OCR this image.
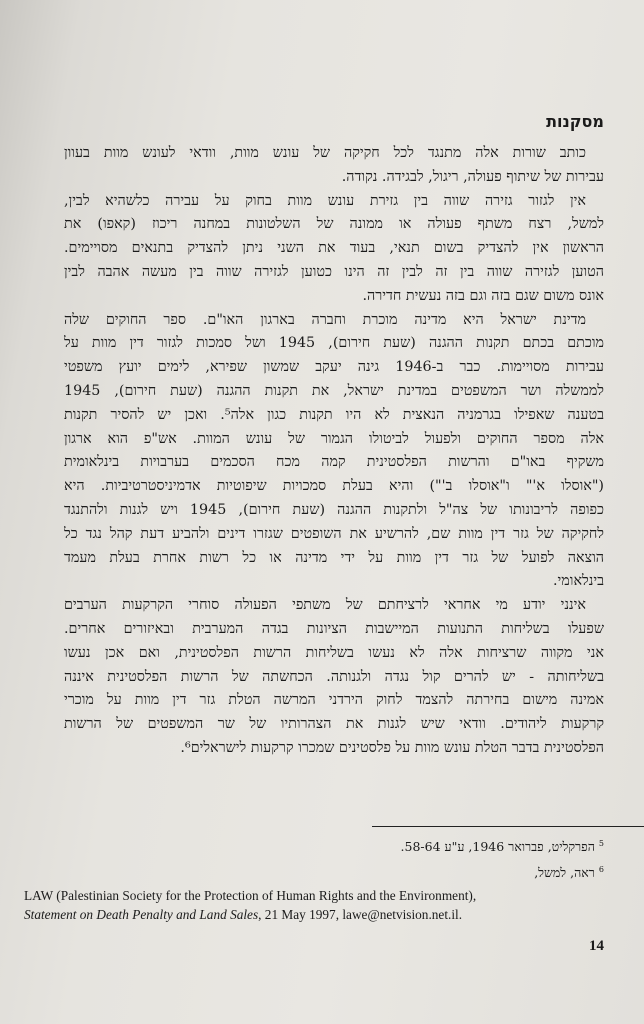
מסקנות
כותב שורות אלה מתנגד לכל חקיקה של עונש מוות, וודאי לעונש מוות בעוון
עבירות של שיתוף פעולה, ריגול, לבגידה. נקודה.
אין לגזור גזירה שווה בין גזירת עונש מוות בחוק על עבירה כלשהיא לבין,
למשל, רצח משתף פעולה או ממונה של השלטונות במחנה ריכוז (קאפו) את
הראשון אין להצדיק בשום תנאי, בעוד את השני ניתן להצדיק בתנאים מסויימים.
הטוען לגזירה שווה בין זה לבין זה הינו כטוען לגזירה שווה בין מעשה אהבה לבין
אונס משום שגם בזה וגם בזה נעשית חדירה.
מדינת ישראל היא מדינה מוכרת וחברה בארגון האו"ם. ספר החוקים שלה
מוכתם בכתם תקנות ההגנה (שעת חירום), 1945 ושל סמכות לגזור דין מוות על
עבירות מסויימות. כבר ב-1946 גינה יעקב שמשון שפירא, לימים יועץ משפטי
לממשלה ושר המשפטים במדינת ישראל, את תקנות ההגנה (שעת חירום), 1945
בטענה שאפילו בגרמניה הנאצית לא היו תקנות כגון אלה⁵. ואכן יש להסיר תקנות
אלה מספר החוקים ולפעול לביטולו הגמור של עונש המוות. אש"פ הוא ארגון
משקיף באו"ם והרשות הפלסטינית קמה מכח הסכמים בערבויות בינלאומית
("אוסלו א'" ו"אוסלו ב'") והיא בעלת סמכויות שיפוטיות אדמיניסטרטיביות. היא
כפופה לריבונותו של צה"ל ולתקנות ההגנה (שעת חירום), 1945 ויש לגנות ולהתנגד
לחקיקה של גזר דין מוות שם, להרשיע את השופטים שגזרו דינים ולהביע דעת קהל נגד כל
הוצאה לפועל של גזר דין מוות על ידי מדינה או כל רשות אחרת בעלת מעמד
בינלאומי.
אינני יודע מי אחראי לרציחתם של משתפי הפעולה סוחרי הקרקעות הערבים
שפעלו בשליחות התנועות המיישבות הציונות בגדה המערבית ובאיזורים אחרים.
אני מקווה שרציחות אלה לא נעשו בשליחות הרשות הפלסטינית, ואם אכן נעשו
בשליחותה - יש להרים קול נגדה ולגנותה. הכחשתה של הרשות הפלסטינית איננה
אמינה מישום בחירתה להצמד לחוק הירדני המרשה הטלת גזר דין מוות על מוכרי
קרקעות ליהודים. וודאי שיש לגנות את הצהרותיו של שר המשפטים של הרשות
הפלסטינית בדבר הטלת עונש מוות על פלסטינים שמכרו קרקעות לישראלים⁶.
$^5$ הפרקליט, פברואר 1946, ע"ע 58-64.
$^6$ ראה, למשל,
LAW (Palestinian Society for the Protection of Human Rights and the Environment),
Statement on Death Penalty and Land Sales, 21 May 1997, lawe@netvision.net.il.
14
